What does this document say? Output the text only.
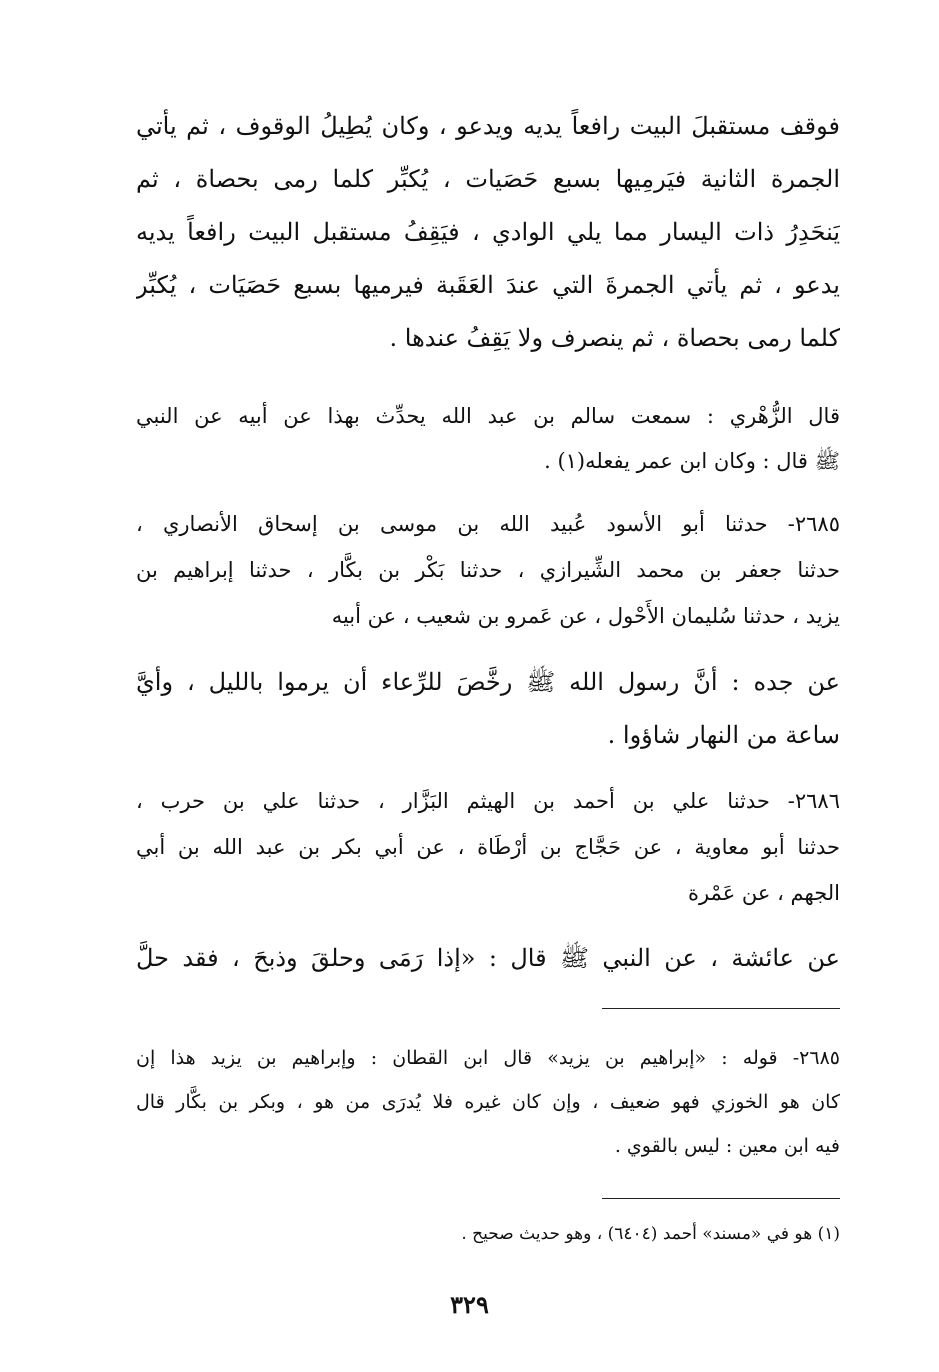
فوقف مستقبلَ البيت رافعاً يديه ويدعو ، وكان يُطِيلُ الوقوف ، ثم يأتي
الجمرة الثانية فيَرمِيها بسبع حَصَيات ، يُكبِّر كلما رمى بحصاة ، ثم
يَنحَدِرُ ذات اليسار مما يلي الوادي ، فيَقِفُ مستقبل البيت رافعاً يديه
يدعو ، ثم يأتي الجمرةَ التي عندَ العَقَبة فيرميها بسبع حَصَيَات ، يُكبِّر
كلما رمى بحصاة ، ثم ينصرف ولا يَقِفُ عندها .
قال الزُّهْري : سمعت سالم بن عبد الله يحدِّث بهذا عن أبيه عن النبي
ﷺ قال : وكان ابن عمر يفعله(١) .
٢٦٨٥- حدثنا أبو الأسود عُبيد الله بن موسى بن إسحاق الأنصاري ،
حدثنا جعفر بن محمد الشِّيرازي ، حدثنا بَكْر بن بكَّار ، حدثنا إبراهيم بن
يزيد ، حدثنا سُليمان الأَحْول ، عن عَمرو بن شعيب ، عن أبيه
عن جده : أنَّ رسول الله ﷺ رخَّصَ للرِّعاء أن يرموا بالليل ، وأيَّ
ساعة من النهار شاؤوا .
٢٦٨٦- حدثنا علي بن أحمد بن الهيثم البَزَّار ، حدثنا علي بن حرب ،
حدثنا أبو معاوية ، عن حَجَّاج بن أرْطَاة ، عن أبي بكر بن عبد الله بن أبي
الجهم ، عن عَمْرة
عن عائشة ، عن النبي ﷺ قال : «إذا رَمَى وحلقَ وذبحَ ، فقد حلَّ
٢٦٨٥- قوله : «إبراهيم بن يزيد» قال ابن القطان : وإبراهيم بن يزيد هذا إن
كان هو الخوزي فهو ضعيف ، وإن كان غيره فلا يُدرَى من هو ، وبكر بن بكَّار قال
فيه ابن معين : ليس بالقوي .
(١) هو في «مسند» أحمد (٦٤٠٤) ، وهو حديث صحيح .
٣٢٩
